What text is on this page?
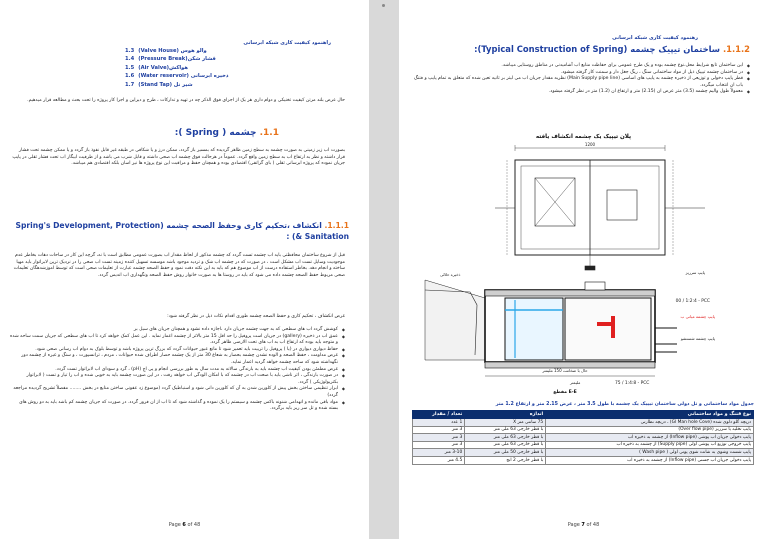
راهنمود کیفیت کاری شبکه ابرسانی
1.3 والو هوس (Valve House)
1.4 فشار شکن(Pressure Break)
1.5 هواکش(Air Valve)
1.6 ذخیره ابرسانی (Water reservoir)
1.7 شیر نل (Stand Tap)
حال عرض بلند مرتن کیفیت تخنیکی و دوام داری هر یک از اجزای فوق الذکر چه در تهیه و تدارکات ، طرح و دیزاین و اجرا کار پروژه را تحت بحث و مطالعه قرار میدهیم.
1.1. چشمه ( Spring ):
بصورت اب زیر زمینی به صورت چشمه به سطح زمین ظاهر گردیده که بمسیر باز گردد، ممکن درز و یا شکافی در طبقه غیر قابل نفوذ باز گردد و یا ممکن چشمه تحت فشار قرار داشته و نظر به ارتفاع اب به سطح زمین واقع گردد. عموماً در هرحالت فوق چشمه اب صحی داشته و قابل شرب می باشد و از طرفیت ابیگار اب تحت فشار ثقلی در پایپ جریان نموده که پروژه ابرسانی ثقلی ( بای گراتفی) اقتصادی بوده و همچنان حفظ و مراقبت این نوع پروژه ها نیز اسان بلکه اقتصادی هم میباشد.
1.1.1. انکشاف ،تحکیم کاری وحفظ الصحه چشمه (Spring's Development, Protection & Sanitation) :
قبل از شروع ساختمان محافظتی باید اب چشمه تست گردد که چشمه مذکور از لحاظ مقدار اب بصورت عمومی مطابق است با نه، گرچه این کار در ساحات دهات بخاطر عدم موجودیت وسایل تست اب مشکل است ، در صورت که در چشمه اب شک و تردید موجود باشد موسسه تسهیل کننده زمینه تست اب صحی را در نزدیک ترین لابراتوار باید مهیا ساخته و انجام دهد. بخاطر استفاده درست از اب موضوع هم که باید به این نکته دقت نمود و حفظ الصحه چشمه عبارت از تعلیمات صحی است که توسط اموزشدهگان تعلیمات صحی مربوط حفظ الصحه چشمه داده می شود که باید در روستا ها به صورت خانوار روش حفظ الصحه ونگهداری اب اندیس گردد.
غرض انکشاف ، تحکیم کاری و حفظ الصحه چشمه طوری اقدام نکات ذیل در نظر گرفته شود:
◆ کوشش گردد اب های سطحی که به جهت چشمه جریان دارد ،اجازه داده نشود و همچنان جریان های سیل بر
◆ عمق اب در ذخیره (gallery) در جریان است پروفیل را حد اقل 15 متر بالاتر از چشمه اعمار نماید . این عمل کمک خواهد کرد تا اب های سطحی که جریان سمت ساحه شده و متوجه باید بوده که ارتفاع اب به اب های تحت الارضی ظاهر گردد.
◆ حفاظ دیواری دیواری در (یا ) پروفیل را تربیت باید تعمیر شود تا مانع عبور حیوانات گردد که بزرگ ترین پروژه باشد و توسط بلوک به دوام اب رسانی صحی شود.
◆ غرض مداومت ، حفظ الصحه و الوده نشدن چشمه بحصار به شعاع 30 متر از یک چشمه حصار اطراف شده حیوانات ، مردم ، ترانسپورت ، و سنگ و غیره از چشمه دور نگهداشته شود که ساحه چشمه خواهد گردید اعمار نماید.
◆ غرض مطمئن بودن کیفیت اب چشمه باید به بارندگی سالانه به مدت سال به طور بررسی انجام و پی اچ (pH) ، گرد و سودای اب لابراتوار تست گردد.
◆ در صورت بارندگی ، اثر ناشی باید با صحت اب در چشمه که با امکان الودگی اب خواهد رفت ، در این صورت چشمه باید به خوبی شده و اب را تیار و تست ( لابراتوار بکتریولوژیکی ) گردد.
◆ ابزار تنظیمی ساختن بخش پیش از کلورین شدن به آن که کلورین دانی شود و اسنباطیک گردد (موضوع زد عفونی ساختن منابع در بخش ........ مفصلاً تشریح گردیده مراجعه گردد)
◆ مواد باقی مانده و انهدامی شنونه باکس چشمه و سیستم را یک نموده و گذاشته شود که تا اب از ان فرور گردد. در صورت که جریان چشمه کم باشد باید به دو روش های بسته شده و تل سر ریز باید برگردد.
Page 6 of 48
رهنمود کیفیت کاری شبکه ابرسانی
1.1.2. ساختمان تیپیک چشمه (Typical Construction of Spring):
◆ این ساختمان تابع شرایط محل،نوع چشمه بوده و یک طرح عمومی برای حفاظت منابع اب آشامیدنی در مناطق روستایی میباشد.
◆ در ساختمان چشمه تیپیک ذیل از مواد ساختمانی سنگ ، ریگ جغل دار و سمنت کار گرفته میشود.
◆ قطر پایپ دخولی و توزیعی از ذخیره چشمه به پایپ های اساسی (Main Supply pipe line) نظربه مقدار جریان اب می لیتر بر ثانیه تعین شده که متعلق به تمام پایپ و فتنگ باب ان انتخاب میگردد.
◆ معمولاً طول والیم چشمه (3.5) متر عرض ان (2.15) متر و ارتفاع ان (1.2) متر در نظر گرفته میشود.
پلان تیپیک یک چشمه انکشاف یافته
1200
ذخیره حلالی	پایپ سرریز
00 / 1:2:4 - PCC
پایپ چشمه میانی ب
پایپ چشمه شستشو
حال با ضخامت 150 ملیمتر
75 / 1:4:8 - PCC
ملیمتر
مقطع E-E
جدول مواد ساختمانی و تل دولی ساختمان تیپیک یک چشمه با طول 3.5 متر ، عرض 2.15 متر و ارتفاع 1.2 متر
نوع فتنگ و مواد ساختمانی	اندازه	تعداد / مقدار
دریچه گلو دلوی شده (Gl Man hole Cove) ، دریچه نظارتی	75 سانتی متر X	1 عدد
پایپ تخلیه یا سرریز (Over flow pipe)	با قطر خارجی 63 ملی متر	3 متر
پایپ دخولی جریان اب پوشی (Inflow pipe) از چشمه به ذخیره اب	با قطر خارجی 63 ملی متر	3 متر
پایپ خروجی توزیع اب پوشی اولی (Supply pipe) از چشمه به ذخیره اب	با قطر خارجی 63 ملی متر	3 متر
پایپ شست وشوی به شانت شوی پوتی اولی ( Wash pipe )	با قطر خارجی 50 ملی متر	3-10 متر
پایپ دخولی جریان اب جستی (Inflow pipe) از چشمه به ذخیره اب	با قطر خارجی 2 انچ	4.5 متر
Page 7 of 48
